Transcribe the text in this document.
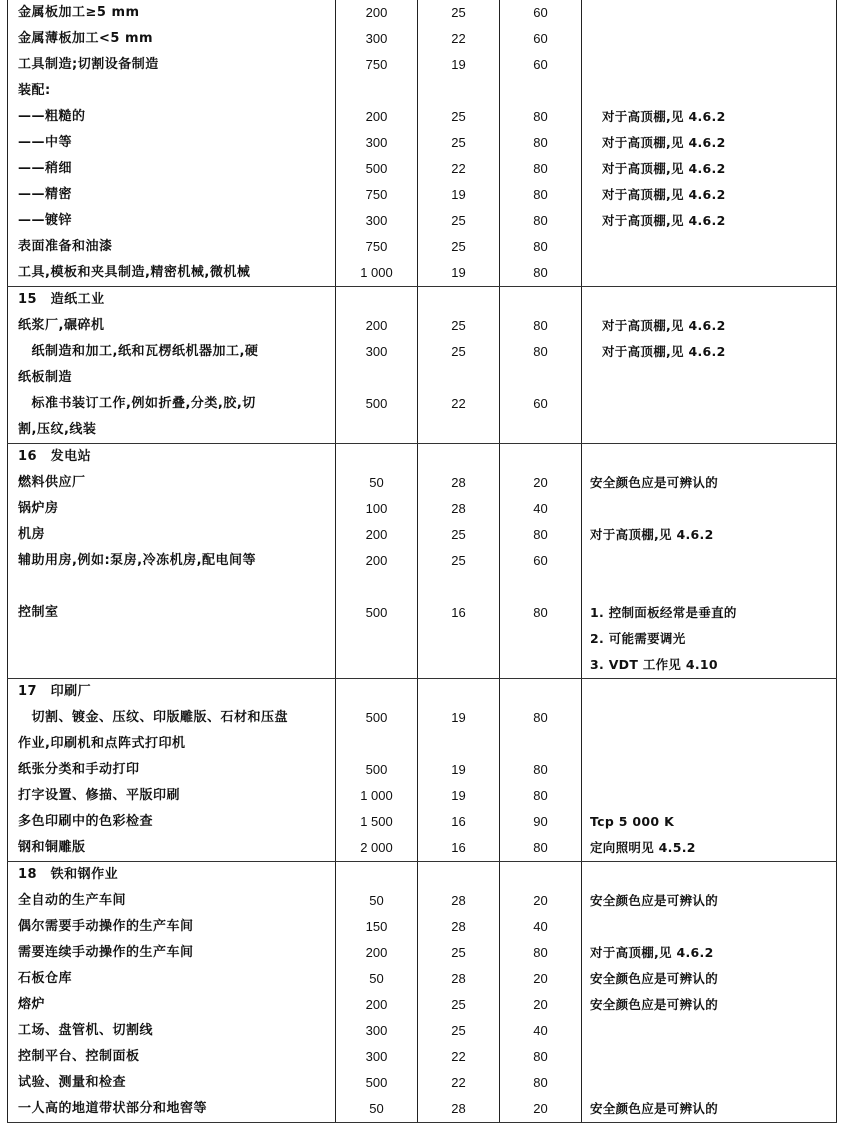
金属板加工≥5 mm	200	25	60	

金属薄板加工<5 mm	300	22	60	

工具制造;切割设备制造	750	19	60	

装配:				

——粗糙的	200	25	80	对于高顶棚,见 4.6.2

——中等	300	25	80	对于高顶棚,见 4.6.2

——稍细	500	22	80	对于高顶棚,见 4.6.2

——精密	750	19	80	对于高顶棚,见 4.6.2

——镀锌	300	25	80	对于高顶棚,见 4.6.2

表面准备和油漆	750	25	80	

工具,模板和夹具制造,精密机械,微机械	1 000	19	80	

15　造纸工业				

纸浆厂,碾碎机	200	25	80	对于高顶棚,见 4.6.2

　纸制造和加工,纸和瓦楞纸机器加工,硬	300	25	80	对于高顶棚,见 4.6.2

纸板制造				

　标准书装订工作,例如折叠,分类,胶,切	500	22	60	

割,压纹,线装				

16　发电站				

燃料供应厂	50	28	20	安全颜色应是可辨认的

锅炉房	100	28	40	

机房	200	25	80	对于高顶棚,见 4.6.2

辅助用房,例如:泵房,冷冻机房,配电间等	200	25	60	

控制室	500	16	80	1. 控制面板经常是垂直的

				2. 可能需要调光

				3. VDT 工作见 4.10

17　印刷厂				

　切割、镀金、压纹、印版雕版、石材和压盘	500	19	80	

作业,印刷机和点阵式打印机				

纸张分类和手动打印	500	19	80	

打字设置、修描、平版印刷	1 000	19	80	

多色印刷中的色彩检查	1 500	16	90	Tcp 5 000 K

钢和铜雕版	2 000	16	80	定向照明见 4.5.2

18　铁和钢作业				

全自动的生产车间	50	28	20	安全颜色应是可辨认的

偶尔需要手动操作的生产车间	150	28	40	

需要连续手动操作的生产车间	200	25	80	对于高顶棚,见 4.6.2

石板仓库	50	28	20	安全颜色应是可辨认的

熔炉	200	25	20	安全颜色应是可辨认的

工场、盘管机、切割线	300	25	40	

控制平台、控制面板	300	22	80	

试验、测量和检查	500	22	80	

一人高的地道带状部分和地窖等	50	28	20	安全颜色应是可辨认的
